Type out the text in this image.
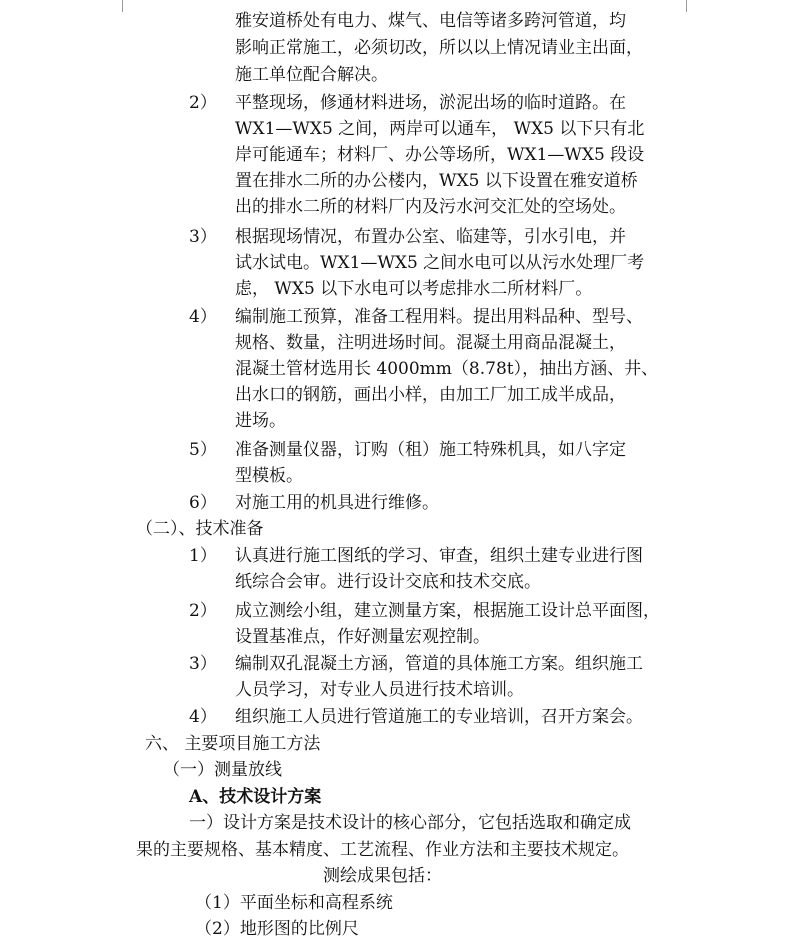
雅安道桥处有电力、煤气、电信等诸多跨河管道，均
影响正常施工，必须切改，所以以上情况请业主出面，
施工单位配合解决。
2） 平整现场，修通材料进场，淤泥出场的临时道路。在
WX1—WX5 之间，两岸可以通车， WX5 以下只有北
岸可能通车；材料厂、办公等场所，WX1—WX5 段设
置在排水二所的办公楼内，WX5 以下设置在雅安道桥
出的排水二所的材料厂内及污水河交汇处的空场处。
3） 根据现场情况，布置办公室、临建等，引水引电，并
试水试电。WX1—WX5 之间水电可以从污水处理厂考
虑， WX5 以下水电可以考虑排水二所材料厂。
4） 编制施工预算，准备工程用料。提出用料品种、型号、
规格、数量，注明进场时间。混凝土用商品混凝土，
混凝土管材选用长 4000mm（8.78t），抽出方涵、井、
出水口的钢筋，画出小样，由加工厂加工成半成品，
进场。
5） 准备测量仪器，订购（租）施工特殊机具，如八字定
型模板。
6） 对施工用的机具进行维修。
（二）、技术准备
1） 认真进行施工图纸的学习、审查，组织土建专业进行图
纸综合会审。进行设计交底和技术交底。
2） 成立测绘小组，建立测量方案，根据施工设计总平面图，
设置基准点，作好测量宏观控制。
3） 编制双孔混凝土方涵，管道的具体施工方案。组织施工
人员学习，对专业人员进行技术培训。
4） 组织施工人员进行管道施工的专业培训，召开方案会。
六、 主要项目施工方法
（一）测量放线
A、技术设计方案
一）设计方案是技术设计的核心部分，它包括选取和确定成
果的主要规格、基本精度、工艺流程、作业方法和主要技术规定。
测绘成果包括：
（1）平面坐标和高程系统
（2）地形图的比例尺
